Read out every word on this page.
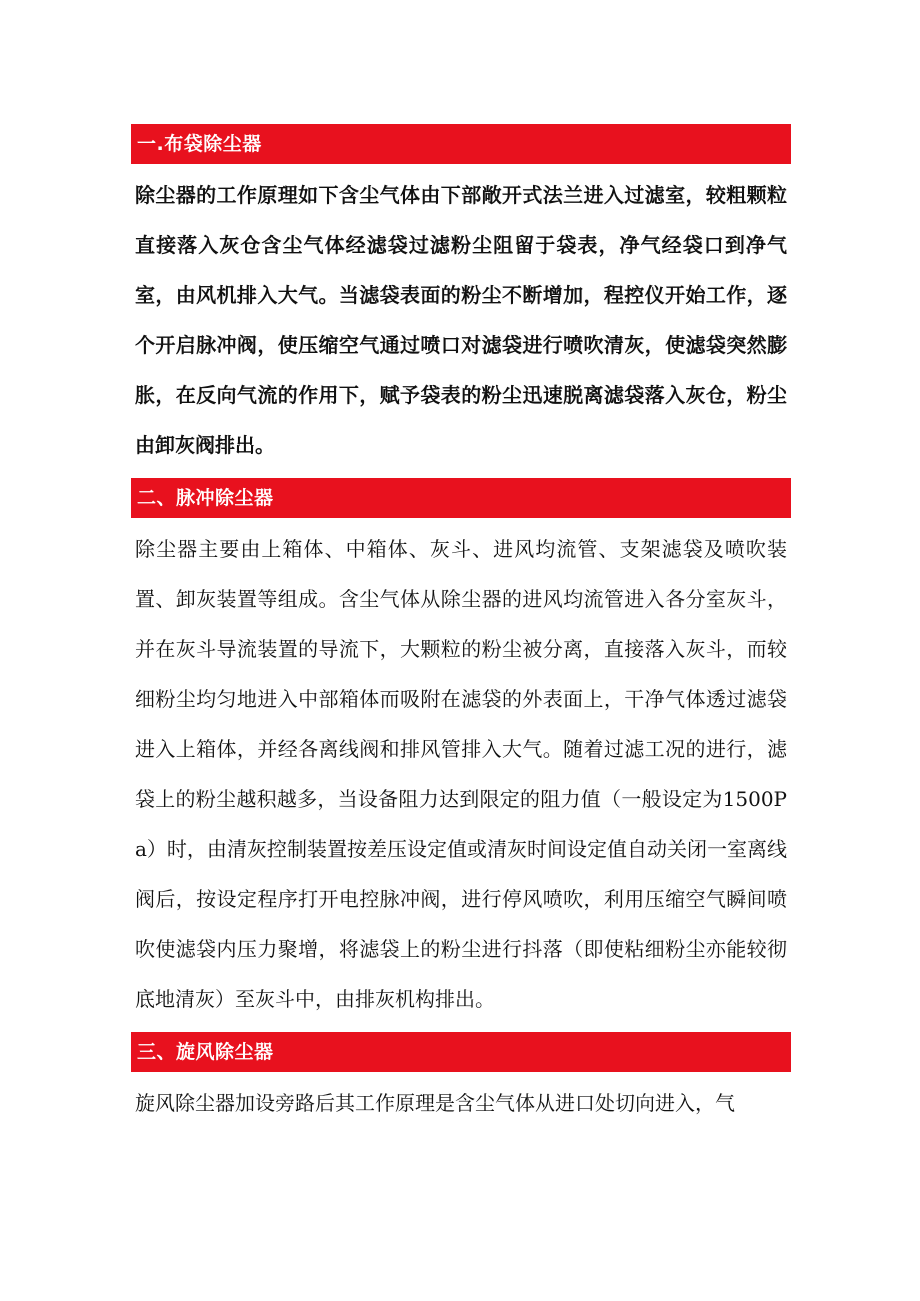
一.布袋除尘器

除尘器的工作原理如下含尘气体由下部敞开式法兰进入过滤室，较粗颗粒直接落入灰仓含尘气体经滤袋过滤粉尘阻留于袋表，净气经袋口到净气室，由风机排入大气。当滤袋表面的粉尘不断增加，程控仪开始工作，逐个开启脉冲阀，使压缩空气通过喷口对滤袋进行喷吹清灰，使滤袋突然膨胀，在反向气流的作用下，赋予袋表的粉尘迅速脱离滤袋落入灰仓，粉尘由卸灰阀排出。

二、脉冲除尘器

除尘器主要由上箱体、中箱体、灰斗、进风均流管、支架滤袋及喷吹装置、卸灰装置等组成。含尘气体从除尘器的进风均流管进入各分室灰斗，并在灰斗导流装置的导流下，大颗粒的粉尘被分离，直接落入灰斗，而较细粉尘均匀地进入中部箱体而吸附在滤袋的外表面上，干净气体透过滤袋进入上箱体，并经各离线阀和排风管排入大气。随着过滤工况的进行，滤袋上的粉尘越积越多，当设备阻力达到限定的阻力值（一般设定为1500Pa）时，由清灰控制装置按差压设定值或清灰时间设定值自动关闭一室离线阀后，按设定程序打开电控脉冲阀，进行停风喷吹，利用压缩空气瞬间喷吹使滤袋内压力聚增，将滤袋上的粉尘进行抖落（即使粘细粉尘亦能较彻底地清灰）至灰斗中，由排灰机构排出。

三、旋风除尘器

旋风除尘器加设旁路后其工作原理是含尘气体从进口处切向进入，气
